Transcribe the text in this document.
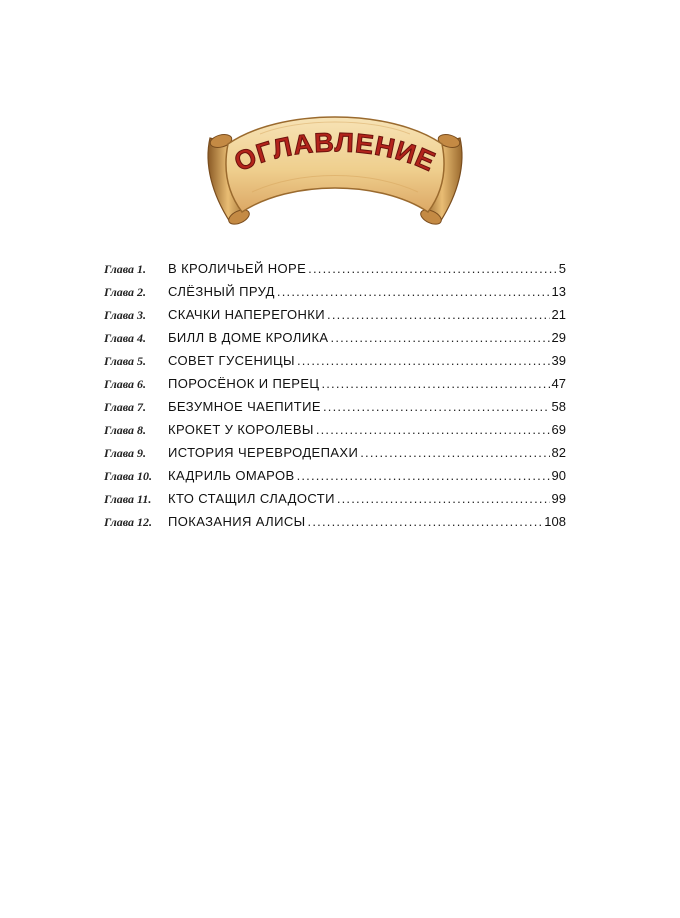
ОГЛАВЛЕНИЕ
Глава 1.	В КРОЛИЧЬЕЙ НОРЕ .....	5
Глава 2.	СЛЁЗНЫЙ ПРУД .....	13
Глава 3.	СКАЧКИ НАПЕРЕГОНКИ .....	21
Глава 4.	БИЛЛ В ДОМЕ КРОЛИКА .....	29
Глава 5.	СОВЕТ ГУСЕНИЦЫ .....	39
Глава 6.	ПОРОСЁНОК И ПЕРЕЦ .....	47
Глава 7.	БЕЗУМНОЕ ЧАЕПИТИЕ .....	58
Глава 8.	КРОКЕТ У КОРОЛЕВЫ .....	69
Глава 9.	ИСТОРИЯ ЧЕРЕВРОДЕПАХИ .....	82
Глава 10.	КАДРИЛЬ ОМАРОВ .....	90
Глава 11.	КТО СТАЩИЛ СЛАДОСТИ .....	99
Глава 12.	ПОКАЗАНИЯ АЛИСЫ .....	108
